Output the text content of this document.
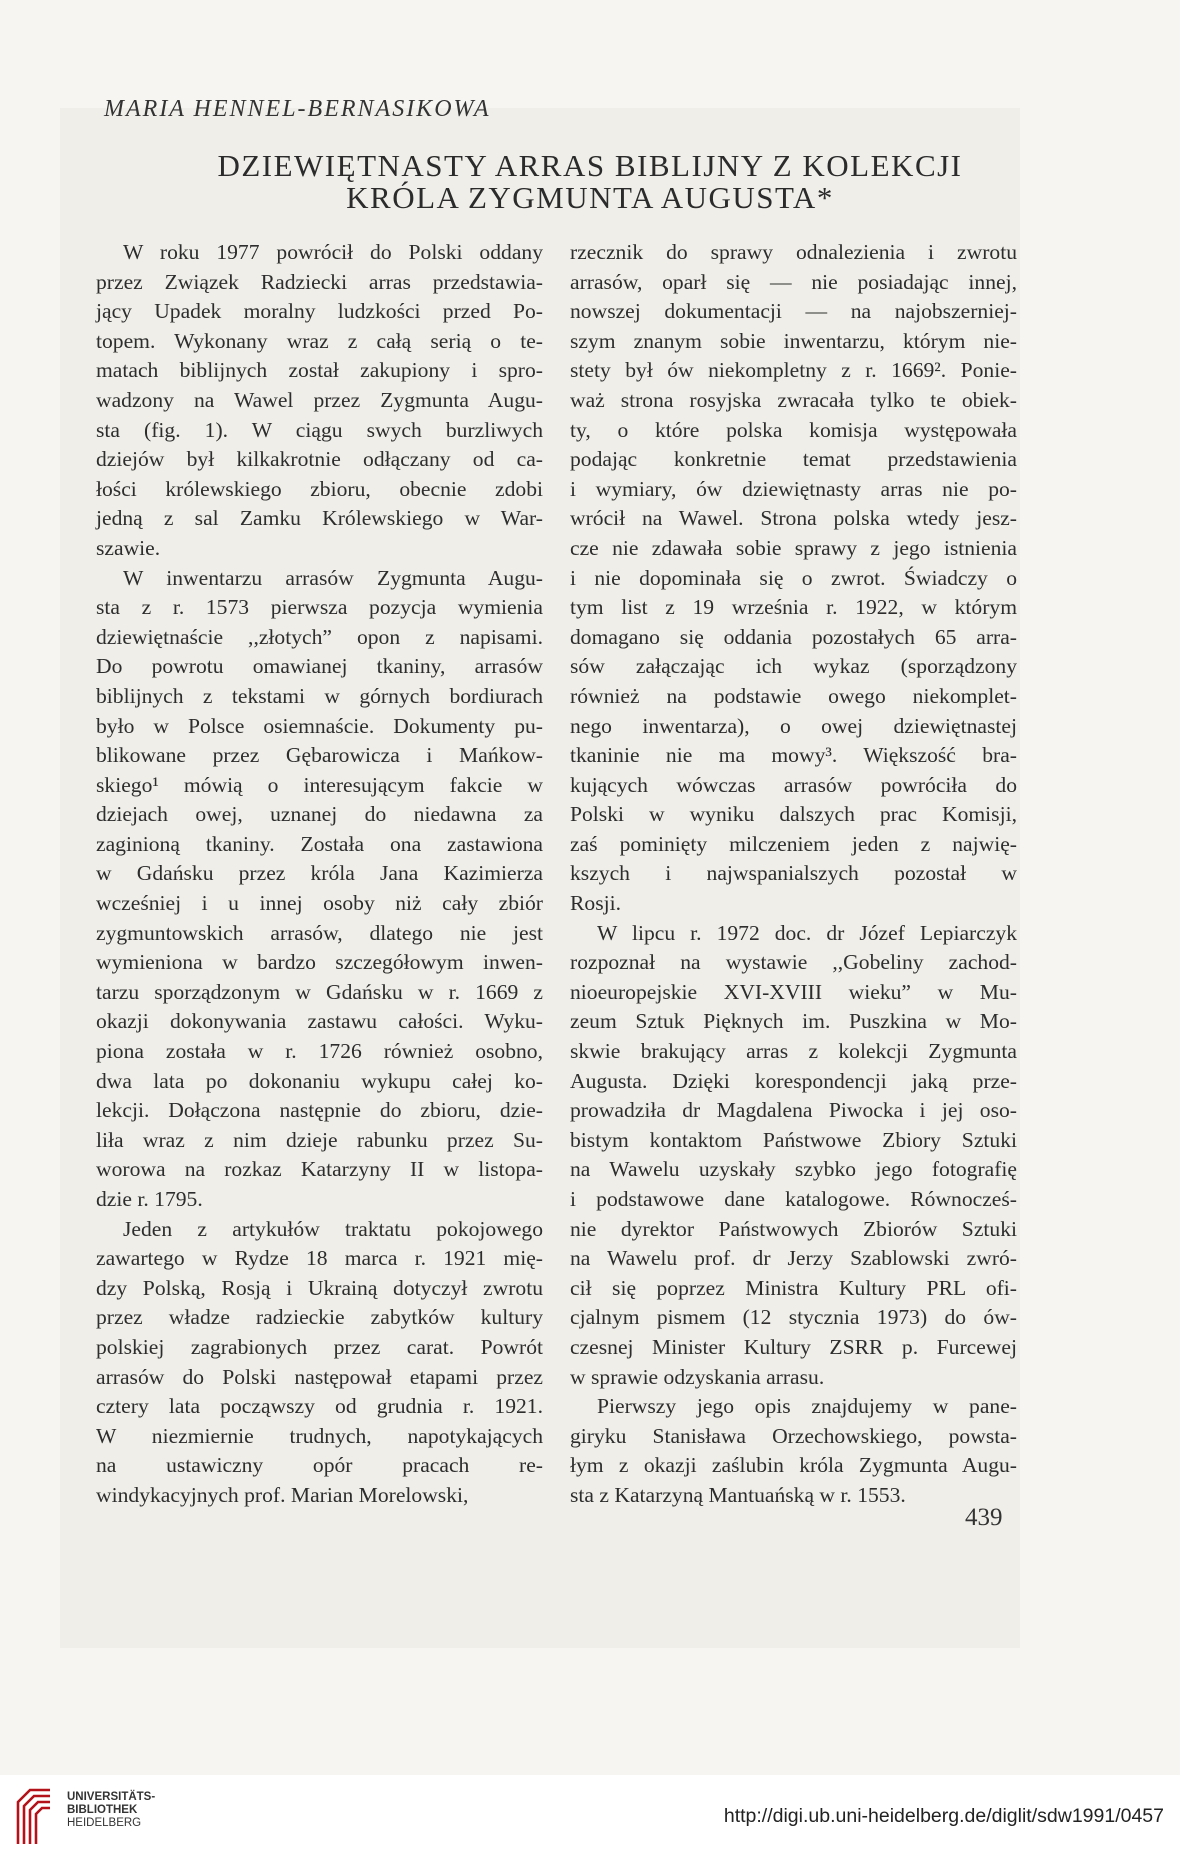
MARIA HENNEL-BERNASIKOWA
DZIEWIĘTNASTY ARRAS BIBLIJNY Z KOLEKCJI
KRÓLA ZYGMUNTA AUGUSTA*
W roku 1977 powrócił do Polski oddany
przez Związek Radziecki arras przedstawia-
jący Upadek moralny ludzkości przed Po-
topem. Wykonany wraz z całą serią o te-
matach biblijnych został zakupiony i spro-
wadzony na Wawel przez Zygmunta Augu-
sta (fig. 1). W ciągu swych burzliwych
dziejów był kilkakrotnie odłączany od ca-
łości królewskiego zbioru, obecnie zdobi
jedną z sal Zamku Królewskiego w War-
szawie.
W inwentarzu arrasów Zygmunta Augu-
sta z r. 1573 pierwsza pozycja wymienia
dziewiętnaście ,,złotych” opon z napisami.
Do powrotu omawianej tkaniny, arrasów
biblijnych z tekstami w górnych bordiurach
było w Polsce osiemnaście. Dokumenty pu-
blikowane przez Gębarowicza i Mańkow-
skiego¹ mówią o interesującym fakcie w
dziejach owej, uznanej do niedawna za
zaginioną tkaniny. Została ona zastawiona
w Gdańsku przez króla Jana Kazimierza
wcześniej i u innej osoby niż cały zbiór
zygmuntowskich arrasów, dlatego nie jest
wymieniona w bardzo szczegółowym inwen-
tarzu sporządzonym w Gdańsku w r. 1669 z
okazji dokonywania zastawu całości. Wyku-
piona została w r. 1726 również osobno,
dwa lata po dokonaniu wykupu całej ko-
lekcji. Dołączona następnie do zbioru, dzie-
liła wraz z nim dzieje rabunku przez Su-
worowa na rozkaz Katarzyny II w listopa-
dzie r. 1795.
Jeden z artykułów traktatu pokojowego
zawartego w Rydze 18 marca r. 1921 mię-
dzy Polską, Rosją i Ukrainą dotyczył zwrotu
przez władze radzieckie zabytków kultury
polskiej zagrabionych przez carat. Powrót
arrasów do Polski następował etapami przez
cztery lata począwszy od grudnia r. 1921.
W niezmiernie trudnych, napotykających
na ustawiczny opór pracach re-
windykacyjnych prof. Marian Morelowski,
rzecznik do sprawy odnalezienia i zwrotu
arrasów, oparł się — nie posiadając innej,
nowszej dokumentacji — na najobszerniej-
szym znanym sobie inwentarzu, którym nie-
stety był ów niekompletny z r. 1669². Ponie-
waż strona rosyjska zwracała tylko te obiek-
ty, o które polska komisja występowała
podając konkretnie temat przedstawienia
i wymiary, ów dziewiętnasty arras nie po-
wrócił na Wawel. Strona polska wtedy jesz-
cze nie zdawała sobie sprawy z jego istnienia
i nie dopominała się o zwrot. Świadczy o
tym list z 19 września r. 1922, w którym
domagano się oddania pozostałych 65 arra-
sów załączając ich wykaz (sporządzony
również na podstawie owego niekomplet-
nego inwentarza), o owej dziewiętnastej
tkaninie nie ma mowy³. Większość bra-
kujących wówczas arrasów powróciła do
Polski w wyniku dalszych prac Komisji,
zaś pominięty milczeniem jeden z najwię-
kszych i najwspanialszych pozostał w
Rosji.
W lipcu r. 1972 doc. dr Józef Lepiarczyk
rozpoznał na wystawie ,,Gobeliny zachod-
nioeuropejskie XVI-XVIII wieku” w Mu-
zeum Sztuk Pięknych im. Puszkina w Mo-
skwie brakujący arras z kolekcji Zygmunta
Augusta. Dzięki korespondencji jaką prze-
prowadziła dr Magdalena Piwocka i jej oso-
bistym kontaktom Państwowe Zbiory Sztuki
na Wawelu uzyskały szybko jego fotografię
i podstawowe dane katalogowe. Równocześ-
nie dyrektor Państwowych Zbiorów Sztuki
na Wawelu prof. dr Jerzy Szablowski zwró-
cił się poprzez Ministra Kultury PRL ofi-
cjalnym pismem (12 stycznia 1973) do ów-
czesnej Minister Kultury ZSRR p. Furcewej
w sprawie odzyskania arrasu.
Pierwszy jego opis znajdujemy w pane-
giryku Stanisława Orzechowskiego, powsta-
łym z okazji zaślubin króla Zygmunta Augu-
sta z Katarzyną Mantuańską w r. 1553.
439
UNIVERSITÄTS-
BIBLIOTHEK
HEIDELBERG	http://digi.ub.uni-heidelberg.de/diglit/sdw1991/0457
